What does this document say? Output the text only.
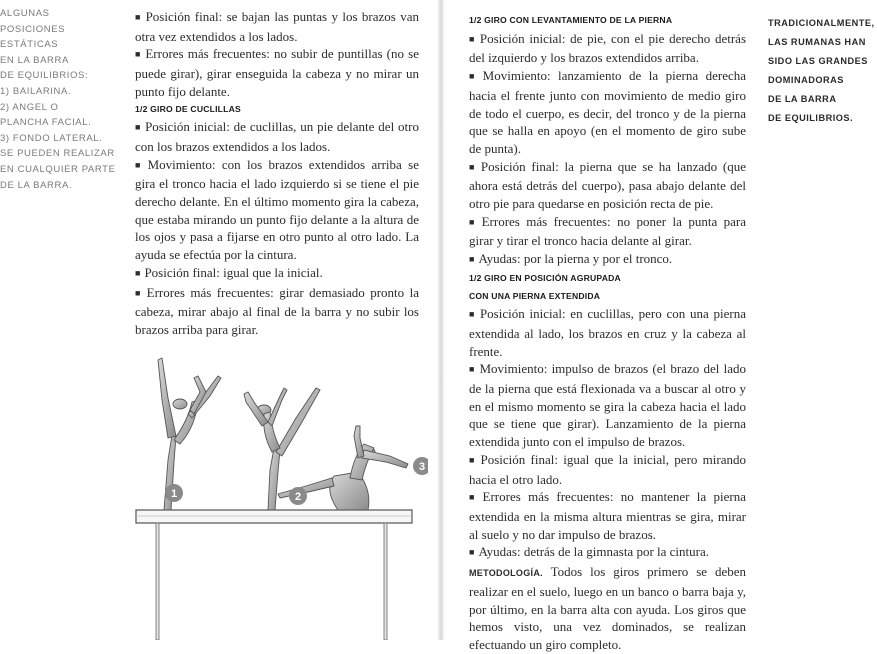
ALGUNAS
POSICIONES
ESTÁTICAS
EN LA BARRA
DE EQUILIBRIOS:
1) BAILARINA.
2) ANGEL O
PLANCHA FACIAL.
3) FONDO LATERAL.
SE PUEDEN REALIZAR
EN CUALQUIER PARTE
DE LA BARRA.

■ Posición final: se bajan las puntas y los brazos van otra vez extendidos a los lados.

■ Errores más frecuentes: no subir de puntillas (no se puede girar), girar enseguida la cabeza y no mirar un punto fijo delante.

1/2 GIRO DE CUCLILLAS

■ Posición inicial: de cuclillas, un pie delante del otro con los brazos extendidos a los lados.

■ Movimiento: con los brazos extendidos arriba se gira el tronco hacia el lado izquierdo si se tiene el pie derecho delante. En el último momento gira la cabeza, que estaba mirando un punto fijo delante a la altura de los ojos y pasa a fijarse en otro punto al otro lado. La ayuda se efectúa por la cintura.

■ Posición final: igual que la inicial.

■ Errores más frecuentes: girar demasiado pronto la cabeza, mirar abajo al final de la barra y no subir los brazos arriba para girar.

1/2 GIRO CON LEVANTAMIENTO DE LA PIERNA

■ Posición inicial: de pie, con el pie derecho detrás del izquierdo y los brazos extendidos arriba.

■ Movimiento: lanzamiento de la pierna derecha hacia el frente junto con movimiento de medio giro de todo el cuerpo, es decir, del tronco y de la pierna que se halla en apoyo (en el momento de giro sube de punta).

■ Posición final: la pierna que se ha lanzado (que ahora está detrás del cuerpo), pasa abajo delante del otro pie para quedarse en posición recta de pie.

■ Errores más frecuentes: no poner la punta para girar y tirar el tronco hacia delante al girar.

■ Ayudas: por la pierna y por el tronco.

1/2 GIRO EN POSICIÓN AGRUPADA

CON UNA PIERNA EXTENDIDA

■ Posición inicial: en cuclillas, pero con una pierna extendida al lado, los brazos en cruz y la cabeza al frente.

■ Movimiento: impulso de brazos (el brazo del lado de la pierna que está flexionada va a buscar al otro y en el mismo momento se gira la cabeza hacia el lado que se tiene que girar). Lanzamiento de la pierna extendida junto con el impulso de brazos.

■ Posición final: igual que la inicial, pero mirando hacia el otro lado.

■ Errores más frecuentes: no mantener la pierna extendida en la misma altura mientras se gira, mirar al suelo y no dar impulso de brazos.

■ Ayudas: detrás de la gimnasta por la cintura.

METODOLOGÍA. Todos los giros primero se deben realizar en el suelo, luego en un banco o barra baja y, por último, en la barra alta con ayuda. Los giros que hemos visto, una vez dominados, se realizan efectuando un giro completo.

TRADICIONALMENTE,
LAS RUMANAS HAN
SIDO LAS GRANDES
DOMINADORAS
DE LA BARRA
DE EQUILIBRIOS.
1	2
3
